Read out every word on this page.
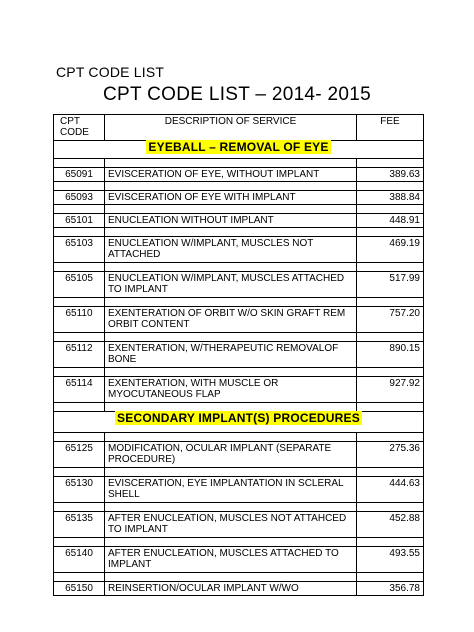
CPT CODE LIST
CPT CODE LIST – 2014- 2015
CPT CODE	DESCRIPTION OF SERVICE	FEE
EYEBALL – REMOVAL OF EYE		

65091	EVISCERATION OF EYE, WITHOUT IMPLANT	389.63

65093	EVISCERATION OF EYE WITH IMPLANT	388.84

65101	ENUCLEATION WITHOUT IMPLANT	448.91

65103	ENUCLEATION W/IMPLANT, MUSCLES NOT ATTACHED	469.19

65105	ENUCLEATION W/IMPLANT, MUSCLES ATTACHED TO IMPLANT	517.99

65110	EXENTERATION OF ORBIT W/O SKIN GRAFT REM ORBIT CONTENT	757.20

65112	EXENTERATION, W/THERAPEUTIC REMOVALOF BONE	890.15

65114	EXENTERATION, WITH MUSCLE OR MYOCUTANEOUS FLAP	927.92

SECONDARY IMPLANT(S) PROCEDURES		

65125	MODIFICATION, OCULAR IMPLANT (SEPARATE PROCEDURE)	275.36

65130	EVISCERATION, EYE IMPLANTATION IN SCLERAL SHELL	444.63

65135	AFTER ENUCLEATION, MUSCLES NOT ATTAHCED TO IMPLANT	452.88

65140	AFTER ENUCLEATION, MUSCLES ATTACHED TO IMPLANT	493.55

65150	REINSERTION/OCULAR IMPLANT W/WO	356.78
